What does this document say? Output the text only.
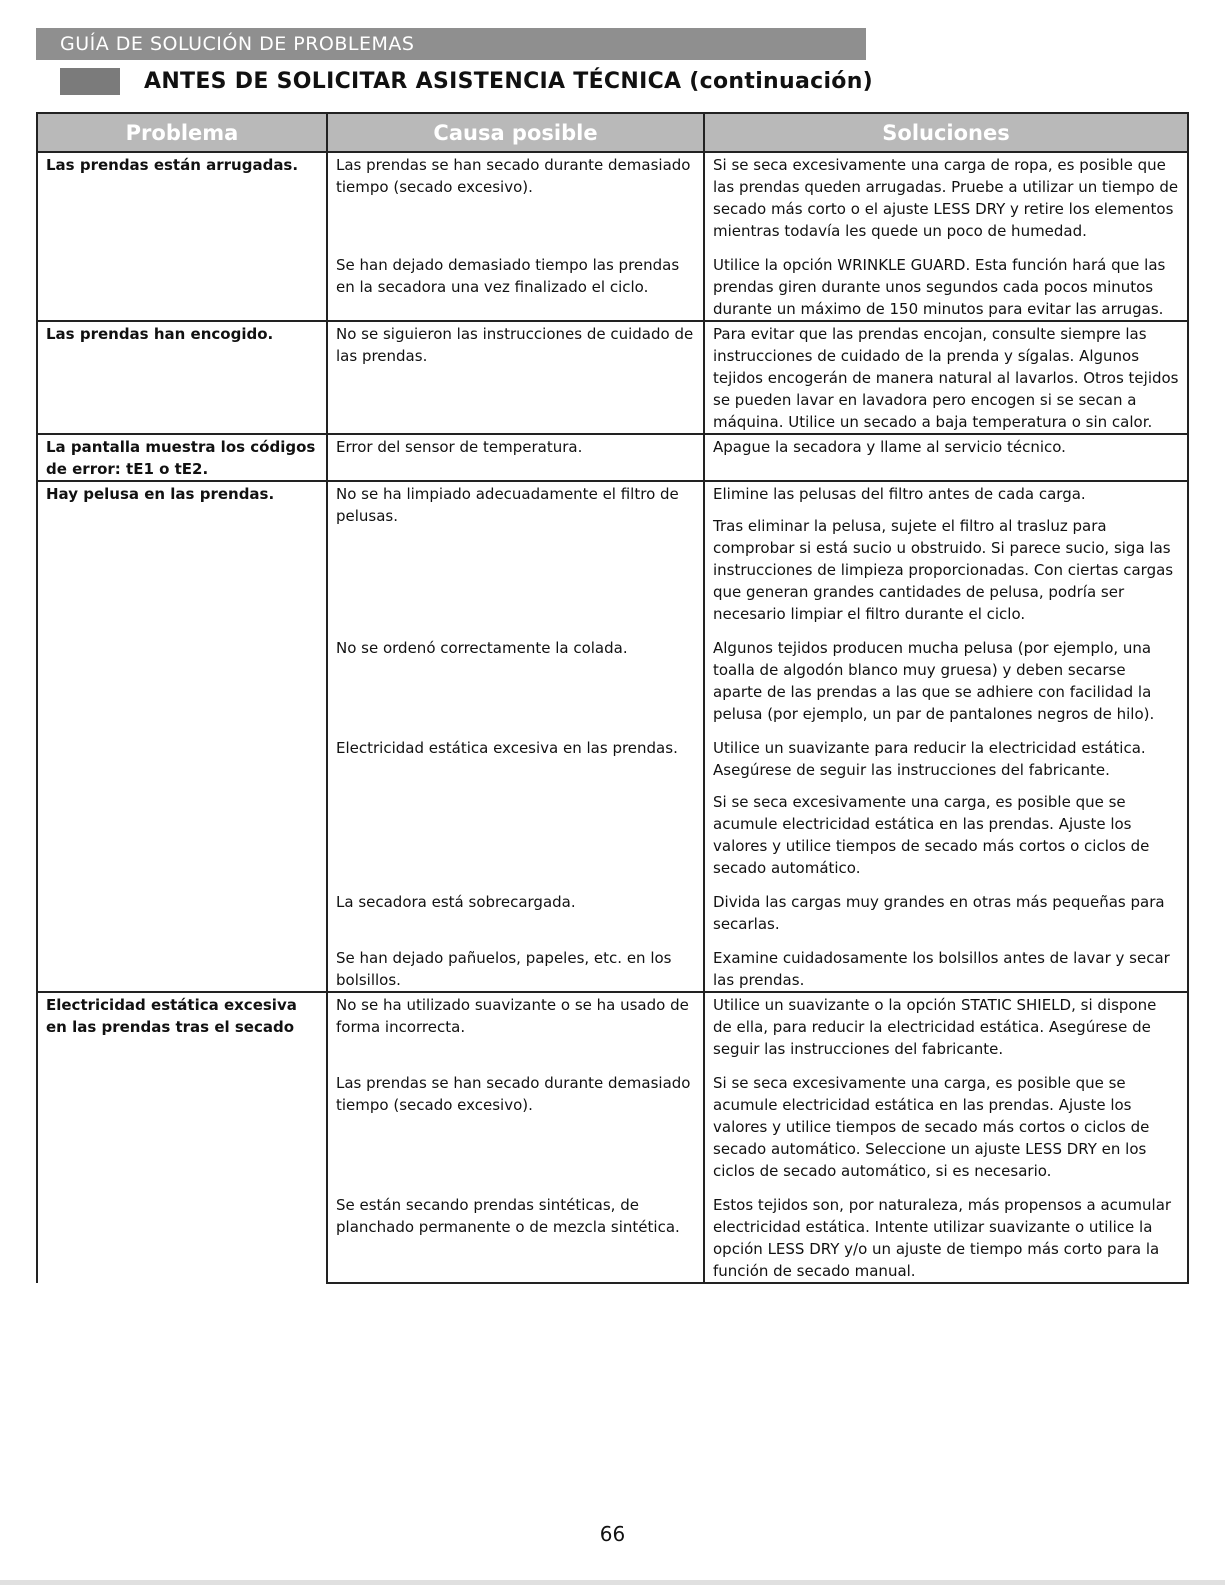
GUÍA DE SOLUCIÓN DE PROBLEMAS
ANTES DE SOLICITAR ASISTENCIA TÉCNICA (continuación)
Problema	Causa posible	Soluciones
Las prendas están arrugadas.	Las prendas se han secado durante demasiado tiempo (secado excesivo).	Si se seca excesivamente una carga de ropa, es posible que las prendas queden arrugadas. Pruebe a utilizar un tiempo de secado más corto o el ajuste LESS DRY y retire los elementos mientras todavía les quede un poco de humedad.

	Se han dejado demasiado tiempo las prendas en la secadora una vez finalizado el ciclo.	Utilice la opción WRINKLE GUARD. Esta función hará que las prendas giren durante unos segundos cada pocos minutos durante un máximo de 150 minutos para evitar las arrugas.

Las prendas han encogido.	No se siguieron las instrucciones de cuidado de las prendas.	Para evitar que las prendas encojan, consulte siempre las instrucciones de cuidado de la prenda y sígalas. Algunos tejidos encogerán de manera natural al lavarlos. Otros tejidos se pueden lavar en lavadora pero encogen si se secan a máquina. Utilice un secado a baja temperatura o sin calor.

La pantalla muestra los códigos de error: tE1 o tE2.	Error del sensor de temperatura.	Apague la secadora y llame al servicio técnico.

Hay pelusa en las prendas.	No se ha limpiado adecuadamente el filtro de pelusas.	Elimine las pelusas del filtro antes de cada carga.
Tras eliminar la pelusa, sujete el filtro al trasluz para comprobar si está sucio u obstruido. Si parece sucio, siga las instrucciones de limpieza proporcionadas. Con ciertas cargas que generan grandes cantidades de pelusa, podría ser necesario limpiar el filtro durante el ciclo.

	No se ordenó correctamente la colada.	Algunos tejidos producen mucha pelusa (por ejemplo, una toalla de algodón blanco muy gruesa) y deben secarse aparte de las prendas a las que se adhiere con facilidad la pelusa (por ejemplo, un par de pantalones negros de hilo).

	Electricidad estática excesiva en las prendas.	Utilice un suavizante para reducir la electricidad estática. Asegúrese de seguir las instrucciones del fabricante.
Si se seca excesivamente una carga, es posible que se acumule electricidad estática en las prendas. Ajuste los valores y utilice tiempos de secado más cortos o ciclos de secado automático.

	La secadora está sobrecargada.	Divida las cargas muy grandes en otras más pequeñas para secarlas.

	Se han dejado pañuelos, papeles, etc. en los bolsillos.	Examine cuidadosamente los bolsillos antes de lavar y secar las prendas.

Electricidad estática excesiva en las prendas tras el secado	No se ha utilizado suavizante o se ha usado de forma incorrecta.	Utilice un suavizante o la opción STATIC SHIELD, si dispone de ella, para reducir la electricidad estática. Asegúrese de seguir las instrucciones del fabricante.

	Las prendas se han secado durante demasiado tiempo (secado excesivo).	Si se seca excesivamente una carga, es posible que se acumule electricidad estática en las prendas. Ajuste los valores y utilice tiempos de secado más cortos o ciclos de secado automático. Seleccione un ajuste LESS DRY en los ciclos de secado automático, si es necesario.

	Se están secando prendas sintéticas, de planchado permanente o de mezcla sintética.	Estos tejidos son, por naturaleza, más propensos a acumular electricidad estática. Intente utilizar suavizante o utilice la opción LESS DRY y/o un ajuste de tiempo más corto para la función de secado manual.
66
